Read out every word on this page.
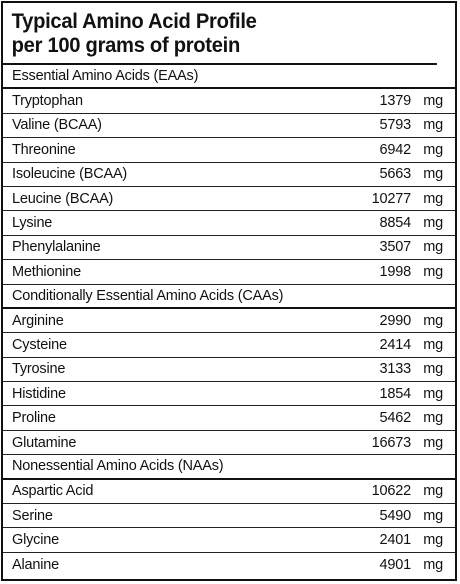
Typical Amino Acid Profile
per 100 grams of protein
Essential Amino Acids (EAAs)
Tryptophan	1379 mg
Valine (BCAA)	5793 mg
Threonine	6942 mg
Isoleucine (BCAA)	5663 mg
Leucine (BCAA)	10277 mg
Lysine	8854 mg
Phenylalanine	3507 mg
Methionine	1998 mg
Conditionally Essential Amino Acids (CAAs)
Arginine	2990 mg
Cysteine	2414 mg
Tyrosine	3133 mg
Histidine	1854 mg
Proline	5462 mg
Glutamine	16673 mg
Nonessential Amino Acids (NAAs)
Aspartic Acid	10622 mg
Serine	5490 mg
Glycine	2401 mg
Alanine	4901 mg
